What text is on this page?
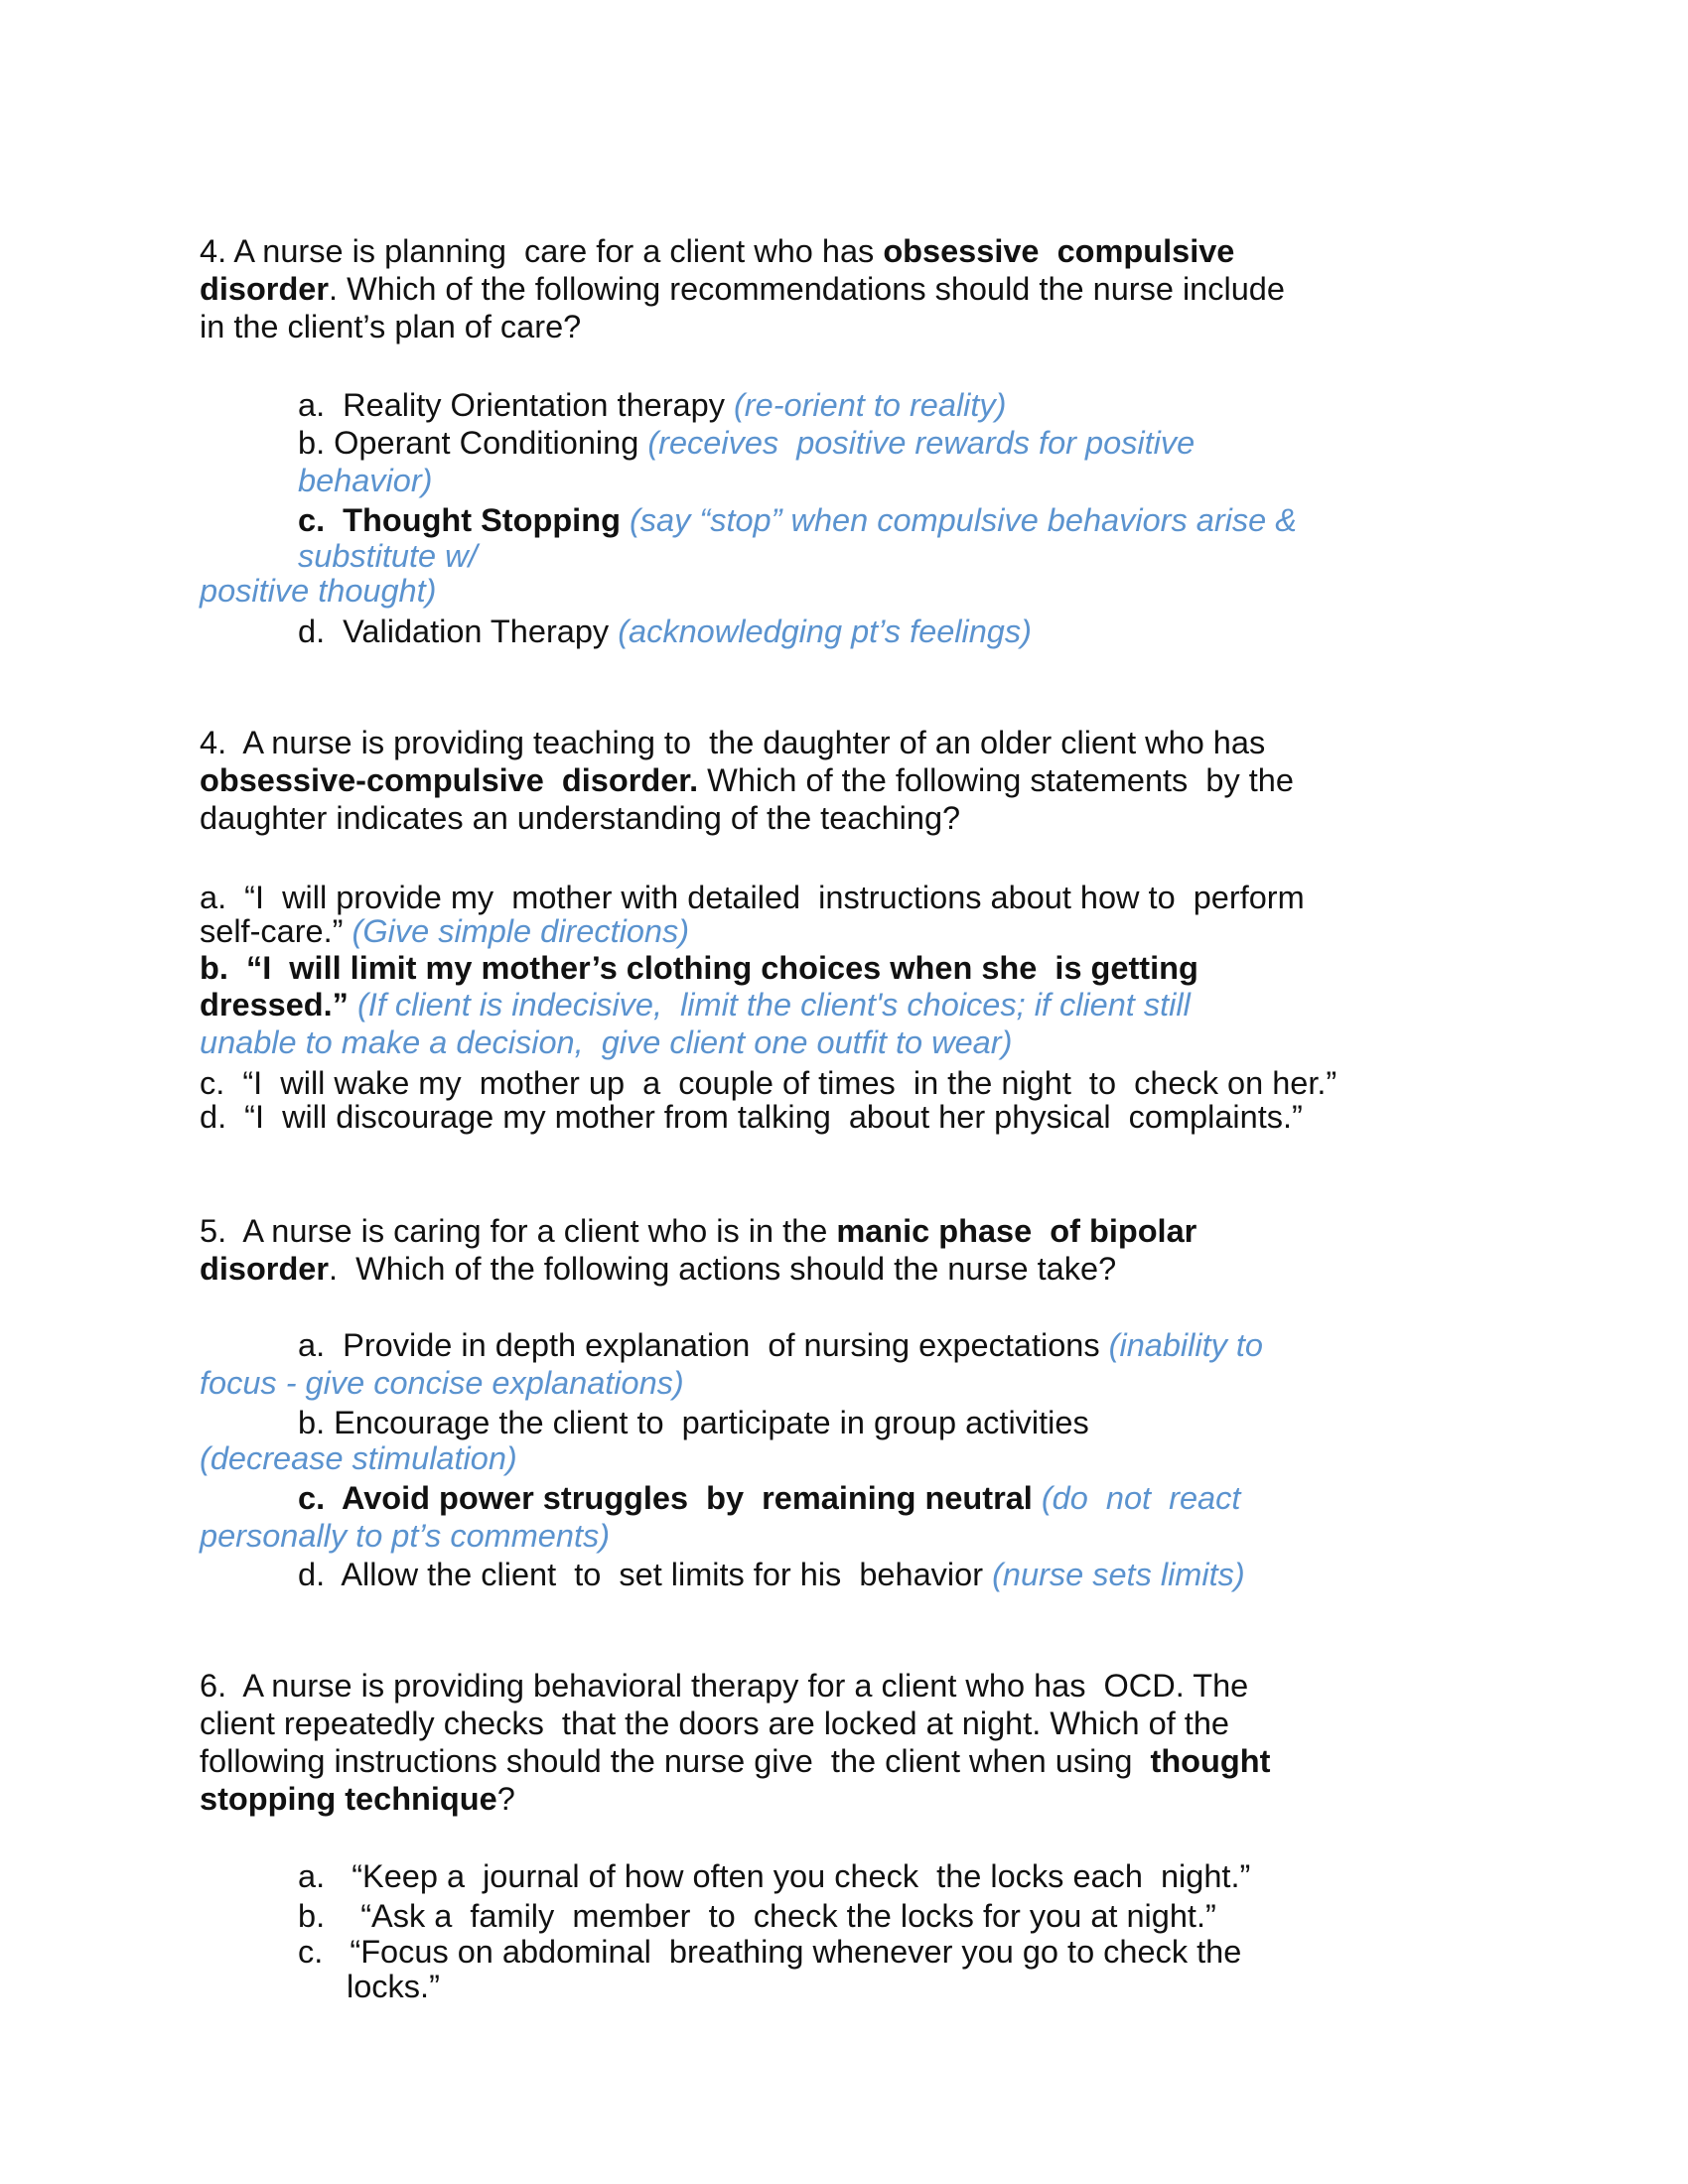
4. A nurse is planning  care for a client who has obsessive  compulsive
disorder. Which of the following recommendations should the nurse include
in the client’s plan of care?
a.  Reality Orientation therapy (re-orient to reality)
b. Operant Conditioning (receives  positive rewards for positive
behavior)
c.  Thought Stopping (say “stop” when compulsive behaviors arise &
substitute w/
positive thought)
d.  Validation Therapy (acknowledging pt’s feelings)
4.  A nurse is providing teaching to  the daughter of an older client who has
obsessive-compulsive  disorder. Which of the following statements  by the
daughter indicates an understanding of the teaching?
a.  “I  will provide my  mother with detailed  instructions about how to  perform
self-care.” (Give simple directions)
b.  “I  will limit my mother’s clothing choices when she  is getting
dressed.” (If client is indecisive,  limit the client's choices; if client still
unable to make a decision,  give client one outfit to wear)
c.  “I  will wake my  mother up  a  couple of times  in the night  to  check on her.”
d.  “I  will discourage my mother from talking  about her physical  complaints.”
5.  A nurse is caring for a client who is in the manic phase  of bipolar
disorder.  Which of the following actions should the nurse take?
a.  Provide in depth explanation  of nursing expectations (inability to
focus - give concise explanations)
b. Encourage the client to  participate in group activities
(decrease stimulation)
c.  Avoid power struggles  by  remaining neutral (do  not  react
personally to pt’s comments)
d.  Allow the client  to  set limits for his  behavior (nurse sets limits)
6.  A nurse is providing behavioral therapy for a client who has  OCD. The
client repeatedly checks  that the doors are locked at night. Which of the
following instructions should the nurse give  the client when using  thought
stopping technique?
a.   “Keep a  journal of how often you check  the locks each  night.”
b.    “Ask a  family  member  to  check the locks for you at night.”
c.   “Focus on abdominal  breathing whenever you go to check the
locks.”
